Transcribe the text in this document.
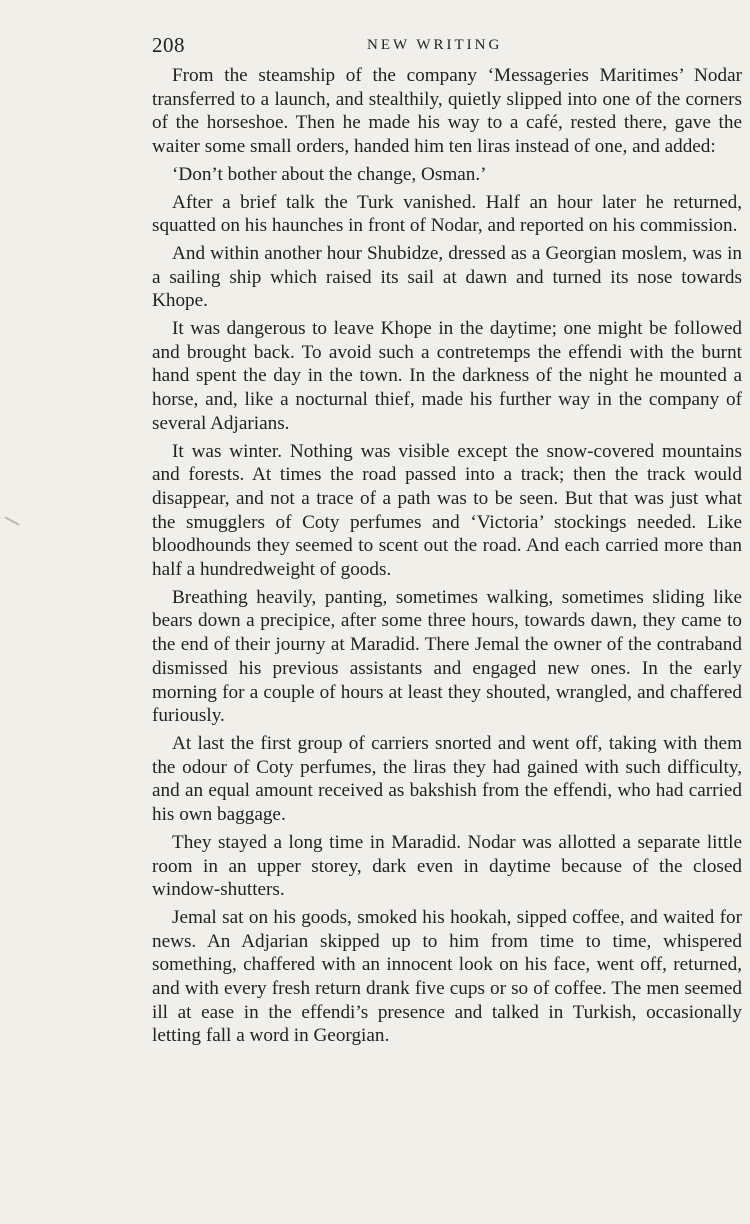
208	NEW WRITING

From the steamship of the company ‘Messageries Maritimes’ Nodar transferred to a launch, and stealthily, quietly slipped into one of the corners of the horseshoe. Then he made his way to a café, rested there, gave the waiter some small orders, handed him ten liras instead of one, and added:

‘Don’t bother about the change, Osman.’

After a brief talk the Turk vanished. Half an hour later he returned, squatted on his haunches in front of Nodar, and reported on his commission.

And within another hour Shubidze, dressed as a Georgian moslem, was in a sailing ship which raised its sail at dawn and turned its nose towards Khope.

It was dangerous to leave Khope in the daytime; one might be followed and brought back. To avoid such a contretemps the effendi with the burnt hand spent the day in the town. In the darkness of the night he mounted a horse, and, like a nocturnal thief, made his further way in the company of several Adjarians.

It was winter. Nothing was visible except the snow-covered mountains and forests. At times the road passed into a track; then the track would disappear, and not a trace of a path was to be seen. But that was just what the smugglers of Coty perfumes and ‘Victoria’ stockings needed. Like bloodhounds they seemed to scent out the road. And each carried more than half a hundredweight of goods.

Breathing heavily, panting, sometimes walking, sometimes sliding like bears down a precipice, after some three hours, towards dawn, they came to the end of their journy at Maradid. There Jemal the owner of the contraband dismissed his previous assistants and engaged new ones. In the early morning for a couple of hours at least they shouted, wrangled, and chaffered furiously.

At last the first group of carriers snorted and went off, taking with them the odour of Coty perfumes, the liras they had gained with such difficulty, and an equal amount received as bakshish from the effendi, who had carried his own baggage.

They stayed a long time in Maradid. Nodar was allotted a separate little room in an upper storey, dark even in daytime because of the closed window-shutters.

Jemal sat on his goods, smoked his hookah, sipped coffee, and waited for news. An Adjarian skipped up to him from time to time, whispered something, chaffered with an innocent look on his face, went off, returned, and with every fresh return drank five cups or so of coffee. The men seemed ill at ease in the effendi’s presence and talked in Turkish, occasionally letting fall a word in Georgian.
